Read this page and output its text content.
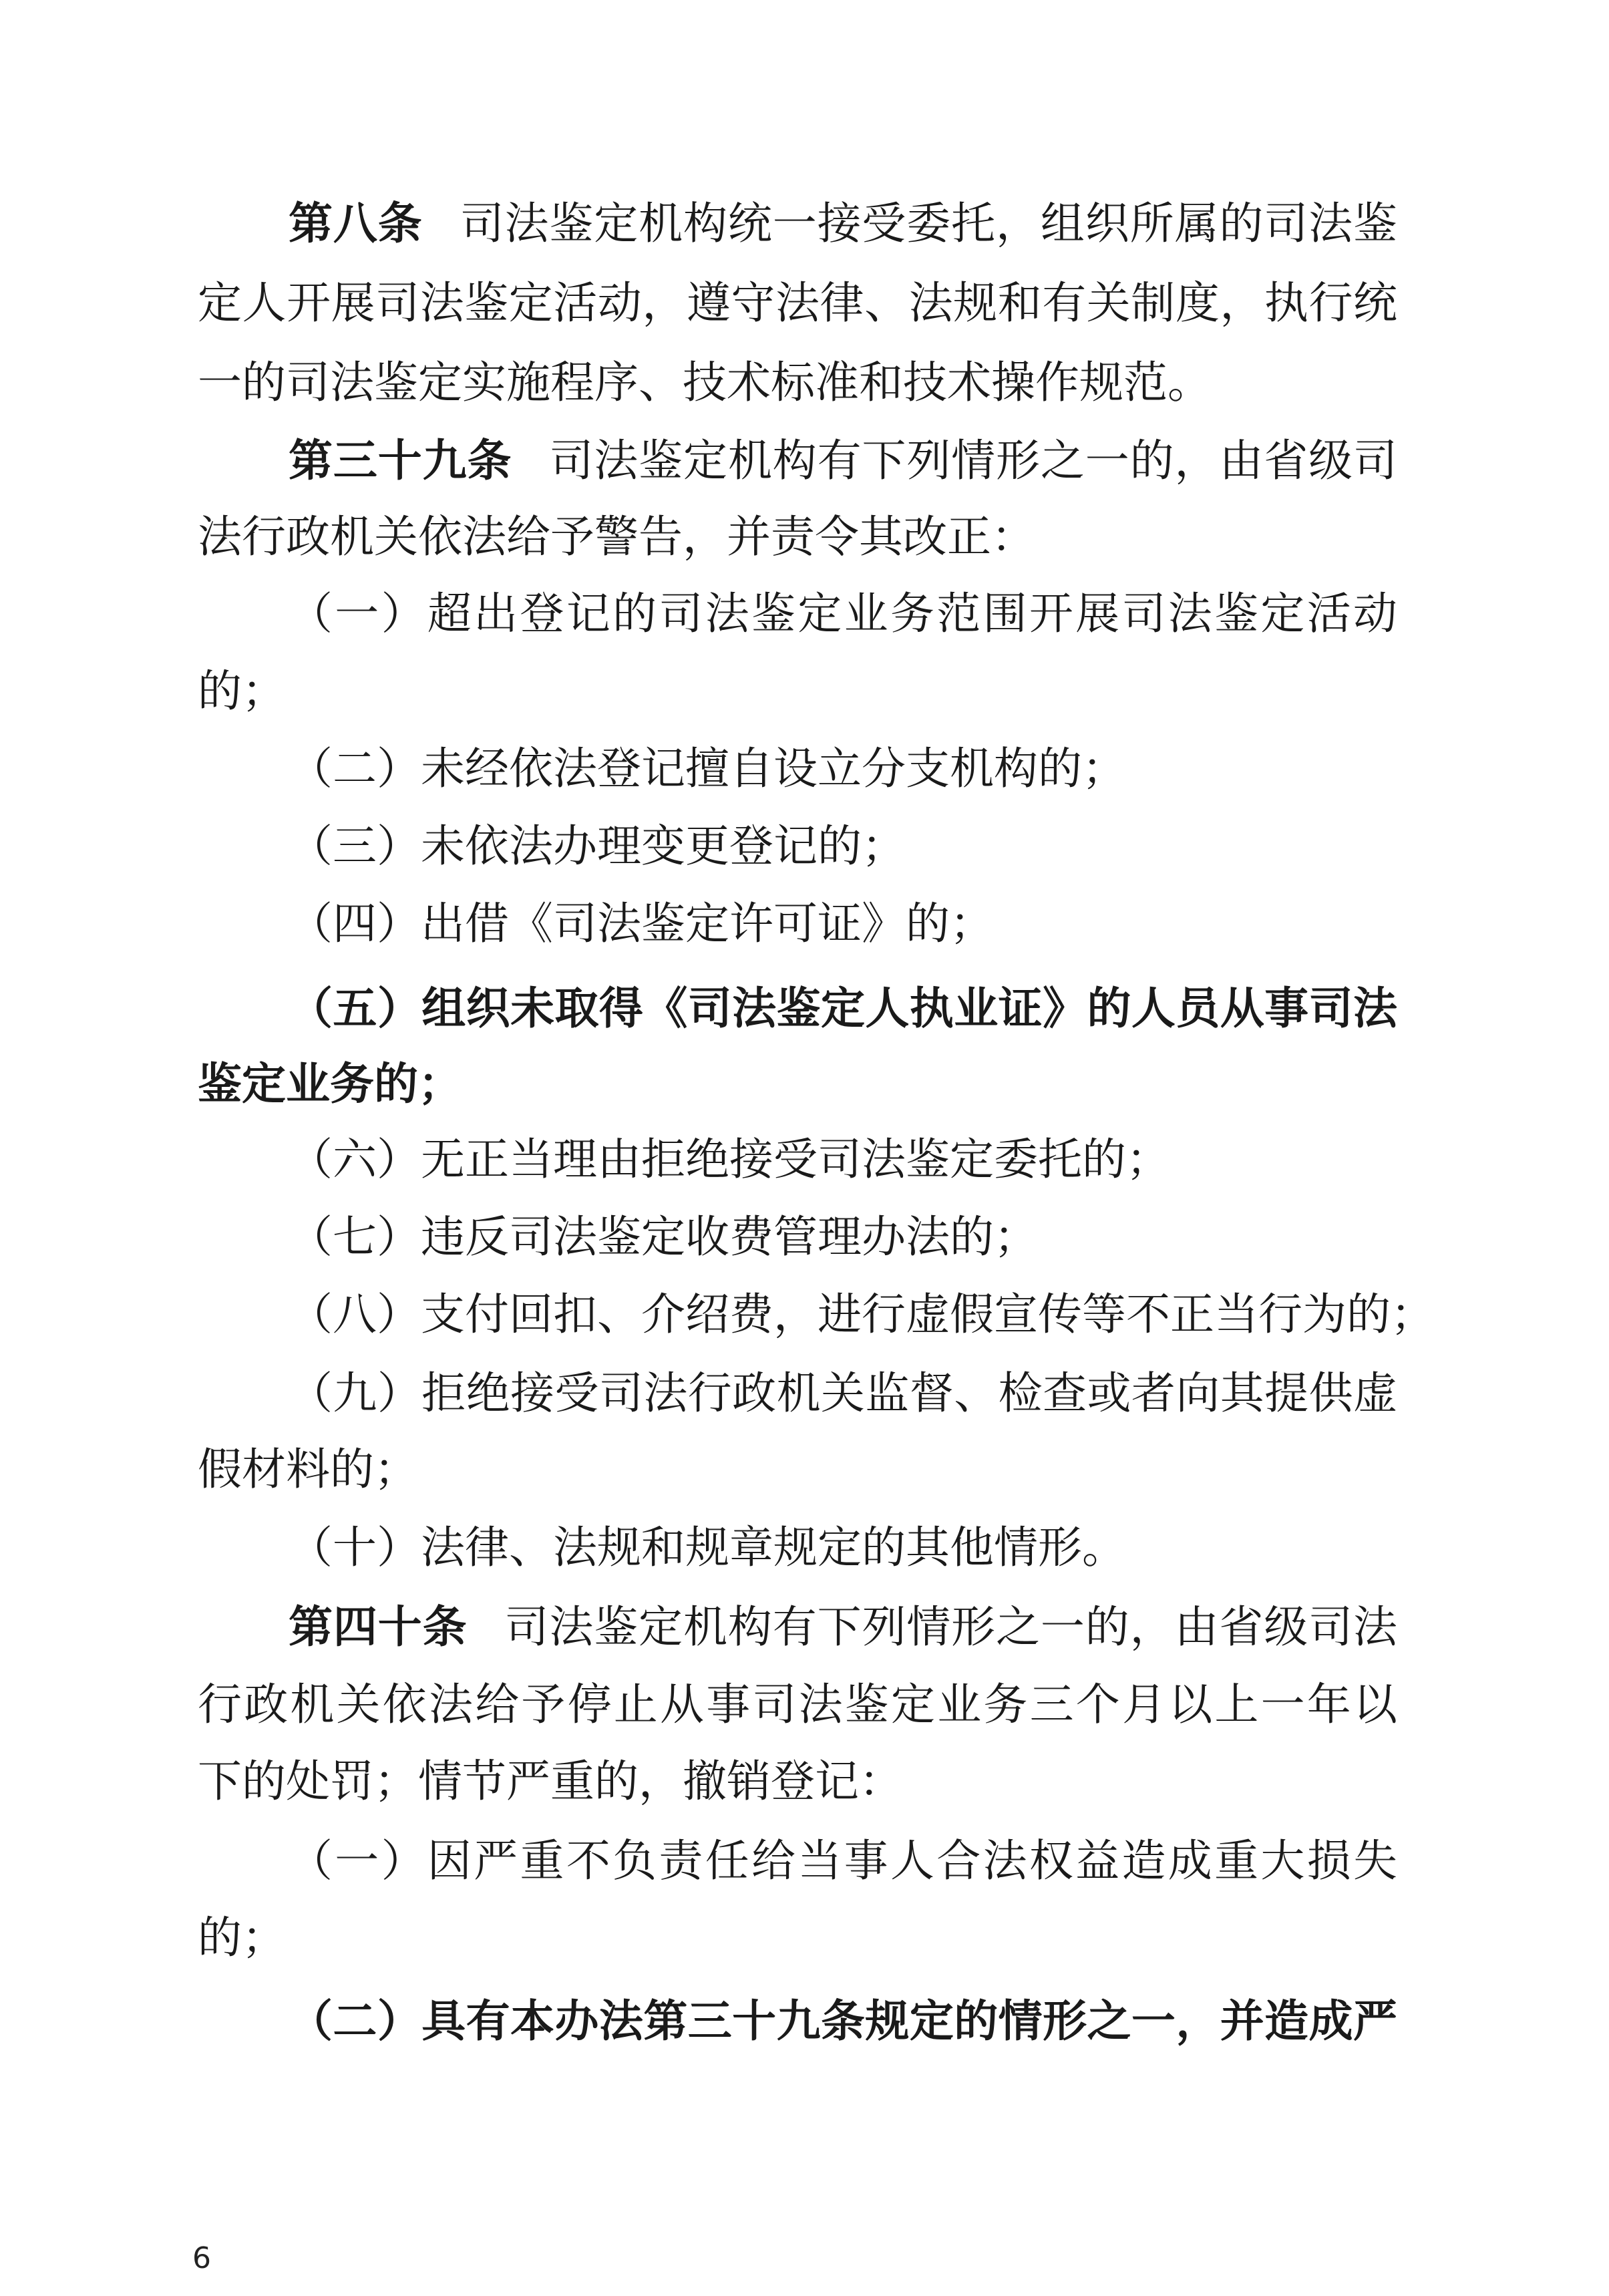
第八条 司法鉴定机构统一接受委托，组织所属的司法鉴
定人开展司法鉴定活动，遵守法律、法规和有关制度，执行统
一的司法鉴定实施程序、技术标准和技术操作规范。
第三十九条 司法鉴定机构有下列情形之一的，由省级司
法行政机关依法给予警告，并责令其改正：
（一）超出登记的司法鉴定业务范围开展司法鉴定活动
的；
（二）未经依法登记擅自设立分支机构的；
（三）未依法办理变更登记的；
（四）出借《司法鉴定许可证》的；
（五）组织未取得《司法鉴定人执业证》的人员从事司法
鉴定业务的；
（六）无正当理由拒绝接受司法鉴定委托的；
（七）违反司法鉴定收费管理办法的；
（八）支付回扣、介绍费，进行虚假宣传等不正当行为的；
（九）拒绝接受司法行政机关监督、检查或者向其提供虚
假材料的；
（十）法律、法规和规章规定的其他情形。
第四十条 司法鉴定机构有下列情形之一的，由省级司法
行政机关依法给予停止从事司法鉴定业务三个月以上一年以
下的处罚；情节严重的，撤销登记：
（一）因严重不负责任给当事人合法权益造成重大损失
的；
（二）具有本办法第三十九条规定的情形之一，并造成严
6
